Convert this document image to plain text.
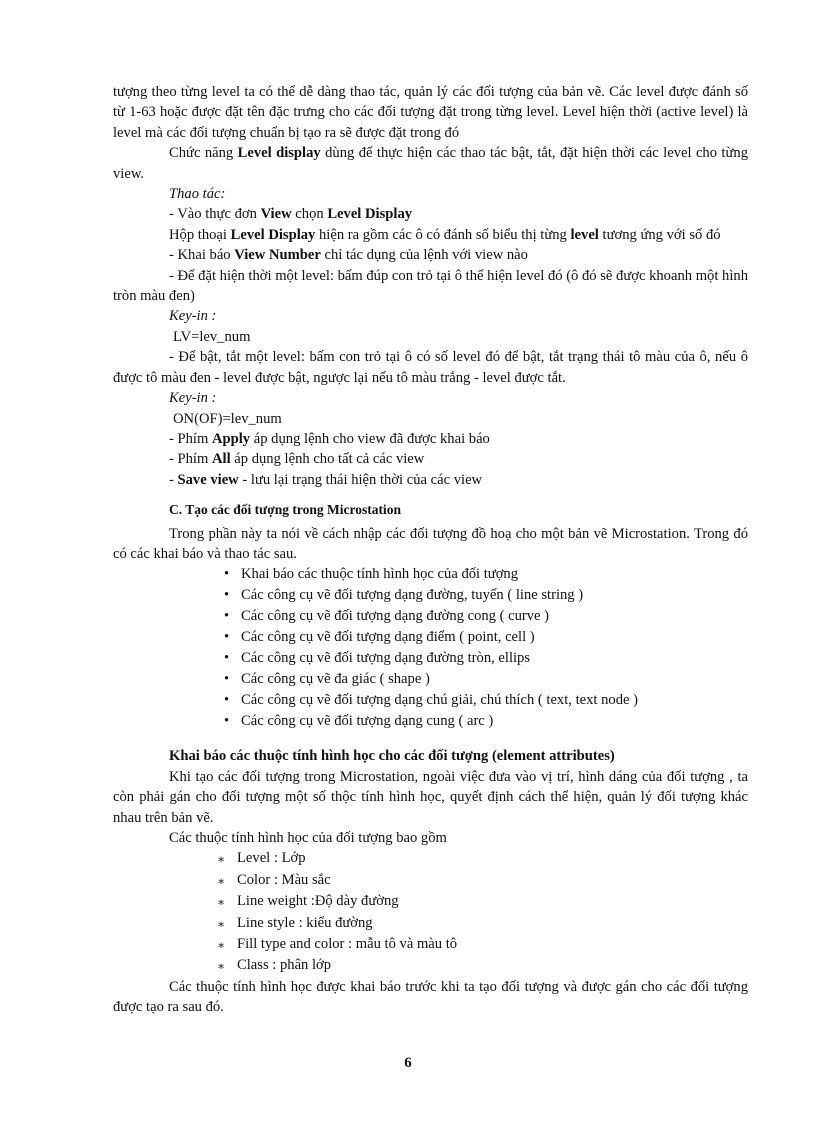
tượng theo từng level ta có thể dễ dàng thao tác, quản lý các đối tượng của bản vẽ. Các level được đánh số từ 1-63 hoặc được đặt tên đặc trưng cho các đối tượng đặt trong từng level. Level hiện thời (active level) là level mà các đối tượng chuẩn bị tạo ra sẽ được đặt trong đó

Chức năng Level display dùng để thực hiện các thao tác bật, tắt, đặt hiện thời các level cho từng view.

Thao tác:

- Vào thực đơn View chọn Level Display

Hộp thoại Level Display hiện ra gồm các ô có đánh số biểu thị từng level tương ứng với số đó

- Khai báo View Number chỉ tác dụng của lệnh với view nào

- Để đặt hiện thời một level: bấm đúp con trỏ tại ô thể hiện level đó (ô đó sẽ được khoanh một hình tròn màu đen)

Key-in :

LV=lev_num

- Để bật, tắt một level: bấm con trỏ tại ô có số level đó để bật, tắt trạng thái tô màu của ô, nếu ô được tô màu đen - level được bật, ngược lại nếu tô màu trắng - level được tắt.

Key-in :

ON(OF)=lev_num

- Phím Apply áp dụng lệnh cho view đã được khai báo

- Phím All áp dụng lệnh cho tất cả các view

- Save view - lưu lại trạng thái hiện thời của các view

C. Tạo các đối tượng trong Microstation

Trong phần này ta nói về cách nhập các đối tượng đồ hoạ cho một bản vẽ Microstation. Trong đó có các khai báo và thao tác sau.

• Khai báo các thuộc tính hình học của đối tượng
• Các công cụ vẽ đối tượng dạng đường, tuyến ( line string )
• Các công cụ vẽ đối tượng dạng đường cong ( curve )
• Các công cụ vẽ đối tượng dạng điểm ( point, cell )
• Các công cụ vẽ đối tượng dạng đường tròn, ellips
• Các công cụ vẽ đa giác ( shape )
• Các công cụ vẽ đối tượng dạng chú giải, chú thích ( text, text node )
• Các công cụ vẽ đối tượng dạng cung ( arc )

Khai báo các thuộc tính hình học cho các đối tượng (element attributes)

Khi tạo các đối tượng trong Microstation, ngoài việc đưa vào vị trí, hình dáng của đối tượng , ta còn phải gán cho đối tượng một số thộc tính hình học, quyết định cách thể hiện, quản lý đối tượng khác nhau trên bản vẽ.

Các thuộc tính hình học của đối tượng bao gồm

∗ Level : Lớp
∗ Color : Màu sắc
∗ Line weight :Độ dày đường
∗ Line style : kiểu đường
∗ Fill type and color : mẫu tô và màu tô
∗ Class : phân lớp

Các thuộc tính hình học được khai báo trước khi ta tạo đối tượng và được gán cho các đối tượng được tạo ra sau đó.

6
